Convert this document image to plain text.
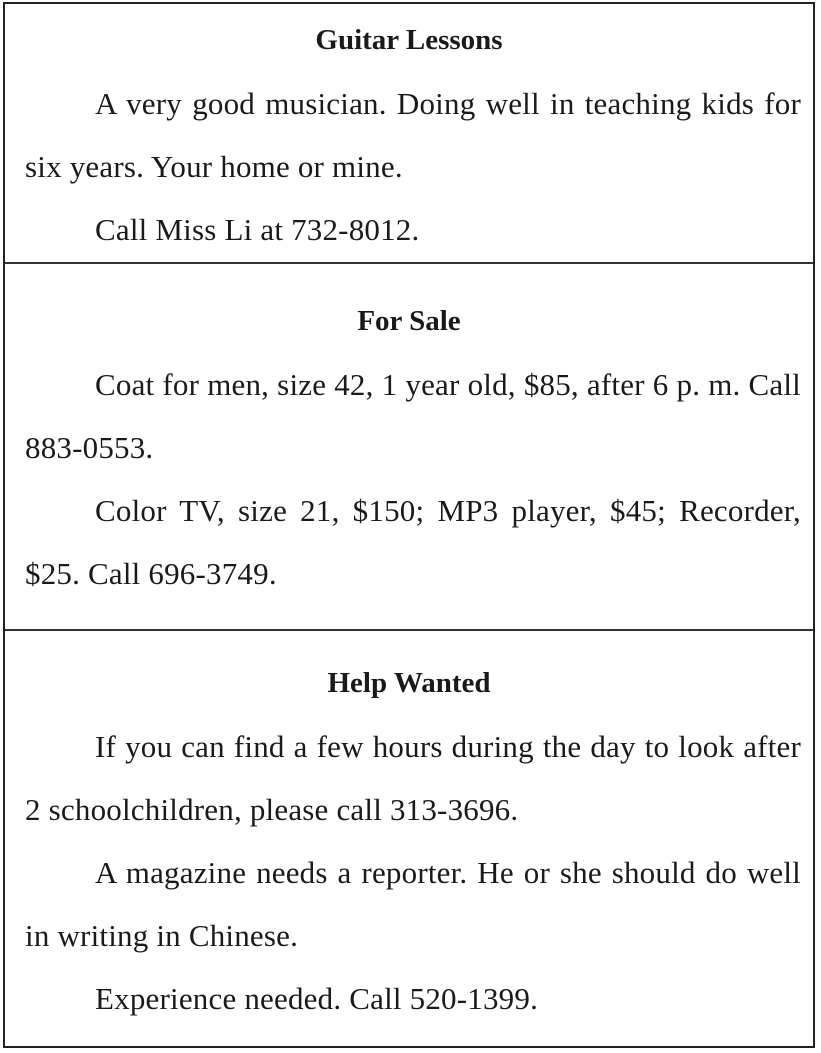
Guitar Lessons

A very good musician. Doing well in teaching kids for six years. Your home or mine.

Call Miss Li at 732-8012.

For Sale

Coat for men, size 42, 1 year old, $85, after 6 p. m. Call 883-0553.

Color TV, size 21, $150; MP3 player, $45; Recorder, $25. Call 696-3749.

Help Wanted

If you can find a few hours during the day to look after 2 schoolchildren, please call 313-3696.

A magazine needs a reporter. He or she should do well in writing in Chinese.

Experience needed. Call 520-1399.
